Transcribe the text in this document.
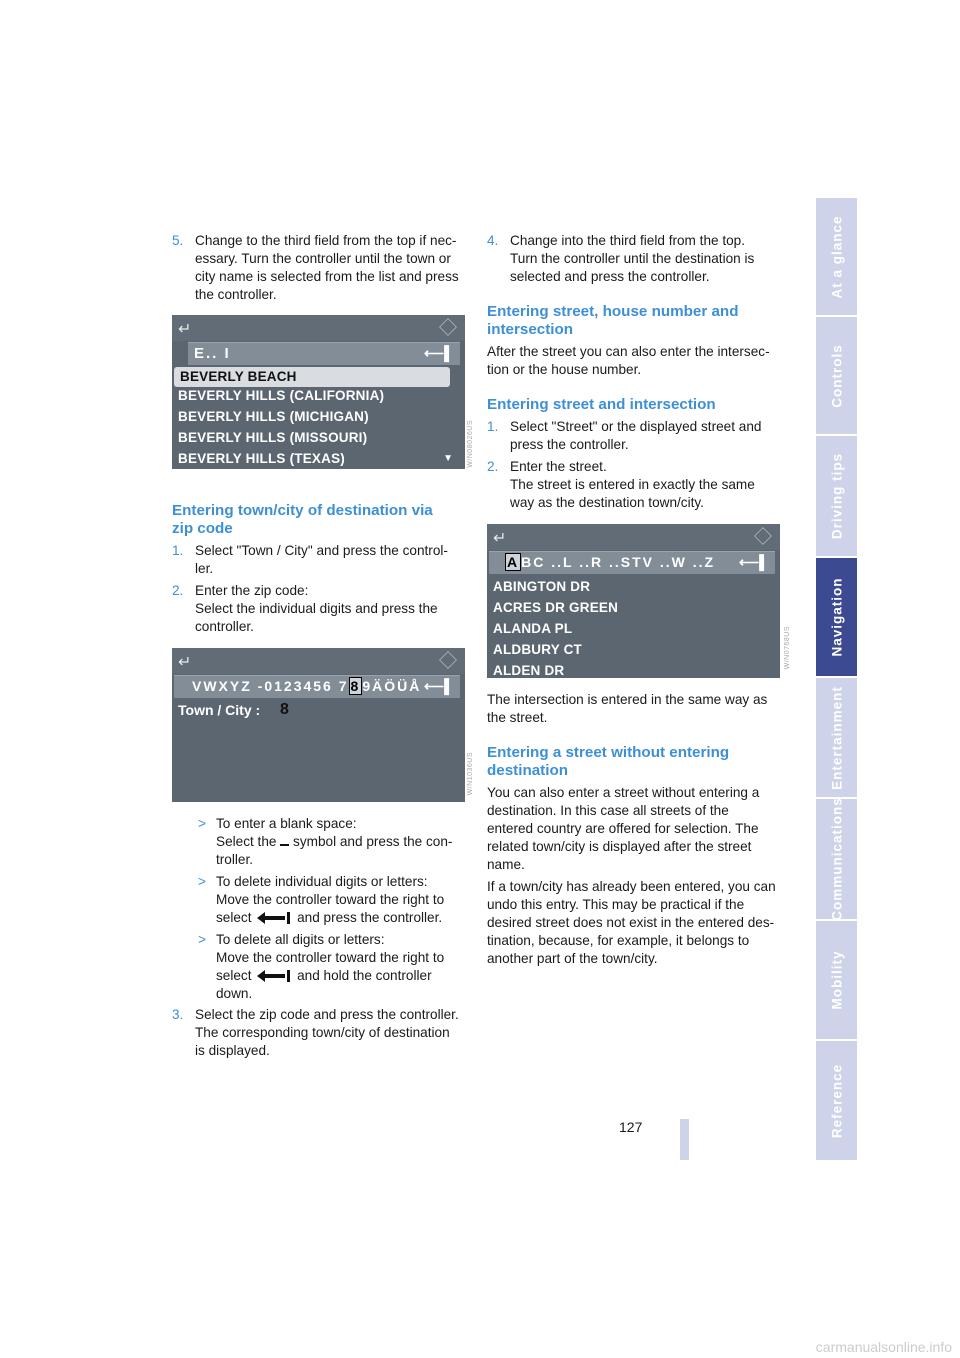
5. Change to the third field from the top if nec-
essary. Turn the controller until the town or
city name is selected from the list and press
the controller.
↵
E.. I	⟵▌
BEVERLY BEACH
BEVERLY HILLS (CALIFORNIA)
BEVERLY HILLS (MICHIGAN)
BEVERLY HILLS (MISSOURI)
BEVERLY HILLS (TEXAS)	▼ W/N08026US
Entering town/city of destination via
zip code
1. Select "Town / City" and press the control-
ler.
2. Enter the zip code:
Select the individual digits and press the
controller.
↵
VWXYZ -0123456 7 8 9ÄÖÜÅ ⟵▌
Town / City : 8
W/N1036US
> To enter a blank space:
Select the symbol and press the con-
troller.
> To delete individual digits or letters:
Move the controller toward the right to
select	and press the controller.
> To delete all digits or letters:
Move the controller toward the right to
select	and hold the controller
down.
3. Select the zip code and press the controller.
The corresponding town/city of destination
is displayed.
4. Change into the third field from the top.
Turn the controller until the destination is
selected and press the controller.
Entering street, house number and
intersection
After the street you can also enter the intersec-
tion or the house number.
Entering street and intersection
1. Select "Street" or the displayed street and
press the controller.
2. Enter the street.
The street is entered in exactly the same
way as the destination town/city.
↵
A BC ..L ..R ..STV ..W ..Z ⟵▌
ABINGTON DR
ACRES DR GREEN
ALANDA PL
ALDBURY CT
ALDEN DR
W/N0768US
The intersection is entered in the same way as
the street.
Entering a street without entering
destination
You can also enter a street without entering a
destination. In this case all streets of the
entered country are offered for selection. The
related town/city is displayed after the street
name.
If a town/city has already been entered, you can
undo this entry. This may be practical if the
desired street does not exist in the entered des-
tination, because, for example, it belongs to
another part of the town/city.
At a glance
Controls
Driving tips
Navigation
Entertainment
Communications
Mobility
Reference
127
carmanualsonline.info
